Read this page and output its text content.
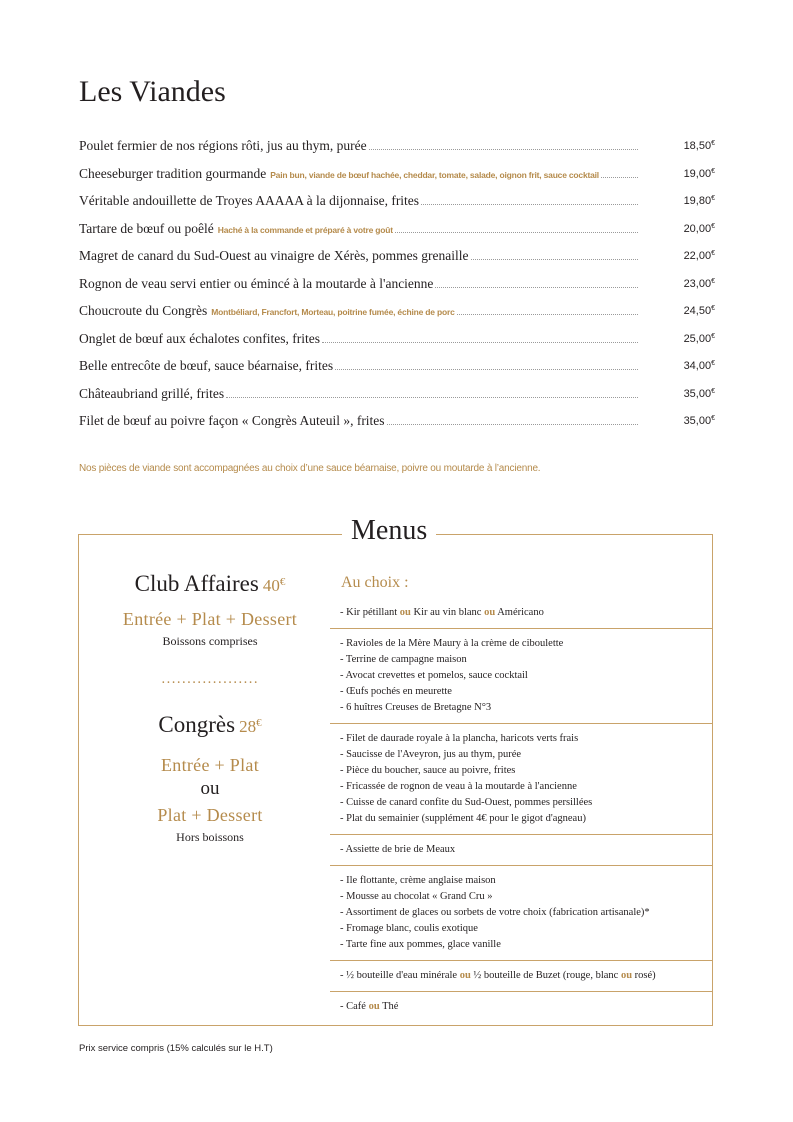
Les Viandes
Poulet fermier de nos régions rôti, jus au thym, purée	18,50€
Cheeseburger tradition gourmande Pain bun, viande de bœuf hachée, cheddar, tomate, salade, oignon frit, sauce cocktail	19,00€
Véritable andouillette de Troyes AAAAA à la dijonnaise, frites	19,80€
Tartare de bœuf ou poêlé Haché à la commande et préparé à votre goût	20,00€
Magret de canard du Sud-Ouest au vinaigre de Xérès, pommes grenaille	22,00€
Rognon de veau servi entier ou émincé à la moutarde à l'ancienne	23,00€
Choucroute du Congrès Montbéliard, Francfort, Morteau, poitrine fumée, échine de porc	24,50€
Onglet de bœuf aux échalotes confites, frites	25,00€
Belle entrecôte de bœuf, sauce béarnaise, frites	34,00€
Châteaubriand grillé, frites	35,00€
Filet de bœuf au poivre façon « Congrès Auteuil », frites	35,00€

Nos pièces de viande sont accompagnées au choix d’une sauce béarnaise, poivre ou moutarde à l’ancienne.

Menus
Club Affaires 40€
Entrée + Plat + Dessert
Boissons comprises
...................
Congrès 28€
Entrée + Plat
ou
Plat + Dessert
Hors boissons
Au choix :
- Kir pétillant ou Kir au vin blanc ou Américano
- Ravioles de la Mère Maury à la crème de ciboulette
- Terrine de campagne maison
- Avocat crevettes et pomelos, sauce cocktail
- Œufs pochés en meurette
- 6 huîtres Creuses de Bretagne N°3
- Filet de daurade royale à la plancha, haricots verts frais
- Saucisse de l'Aveyron, jus au thym, purée
- Pièce du boucher, sauce au poivre, frites
- Fricassée de rognon de veau à la moutarde à l'ancienne
- Cuisse de canard confite du Sud-Ouest, pommes persillées
- Plat du semainier (supplément 4€ pour le gigot d'agneau)
- Assiette de brie de Meaux
- Ile flottante, crème anglaise maison
- Mousse au chocolat « Grand Cru »
- Assortiment de glaces ou sorbets de votre choix (fabrication artisanale)*
- Fromage blanc, coulis exotique
- Tarte fine aux pommes, glace vanille
- ½ bouteille d'eau minérale ou ½ bouteille de Buzet (rouge, blanc ou rosé)
- Café ou Thé

Prix service compris (15% calculés sur le H.T)
